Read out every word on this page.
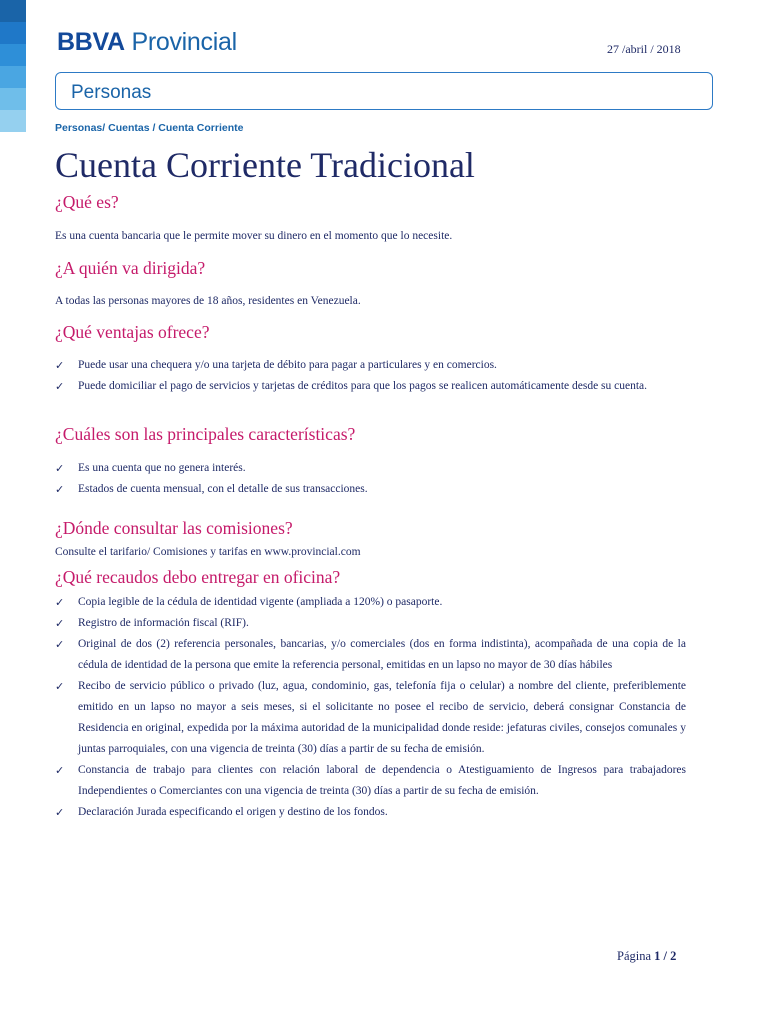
BBVA Provincial	27 /abril / 2018
Personas
Personas/ Cuentas / Cuenta Corriente
Cuenta Corriente Tradicional
¿Qué es?

Es una cuenta bancaria que le permite mover su dinero en el momento que lo necesite.

¿A quién va dirigida?

A todas las personas mayores de 18 años, residentes en Venezuela.

¿Qué ventajas ofrece?
✓ Puede usar una chequera y/o una tarjeta de débito para pagar a particulares y en comercios.
✓ Puede domiciliar el pago de servicios y tarjetas de créditos para que los pagos se realicen automáticamente desde su cuenta.
¿Cuáles son las principales características?
✓ Es una cuenta que no genera interés.
✓ Estados de cuenta mensual, con el detalle de sus transacciones.
¿Dónde consultar las comisiones?

Consulte el tarifario/ Comisiones y tarifas en www.provincial.com

¿Qué recaudos debo entregar en oficina?
✓ Copia legible de la cédula de identidad vigente (ampliada a 120%) o pasaporte.
✓ Registro de información fiscal (RIF).
✓ Original de dos (2) referencia personales, bancarias, y/o comerciales (dos en forma indistinta), acompañada de una copia de la cédula de identidad de la persona que emite la referencia personal, emitidas en un lapso no mayor de 30 días hábiles
✓ Recibo de servicio público o privado (luz, agua, condominio, gas, telefonía fija o celular) a nombre del cliente, preferiblemente emitido en un lapso no mayor a seis meses, si el solicitante no posee el recibo de servicio, deberá consignar Constancia de Residencia en original, expedida por la máxima autoridad de la municipalidad donde reside: jefaturas civiles, consejos comunales y juntas parroquiales, con una vigencia de treinta (30) días a partir de su fecha de emisión.
✓ Constancia de trabajo para clientes con relación laboral de dependencia o Atestiguamiento de Ingresos para trabajadores Independientes o Comerciantes con una vigencia de treinta (30) días a partir de su fecha de emisión.
✓ Declaración Jurada especificando el origen y destino de los fondos.
Página 1 / 2
